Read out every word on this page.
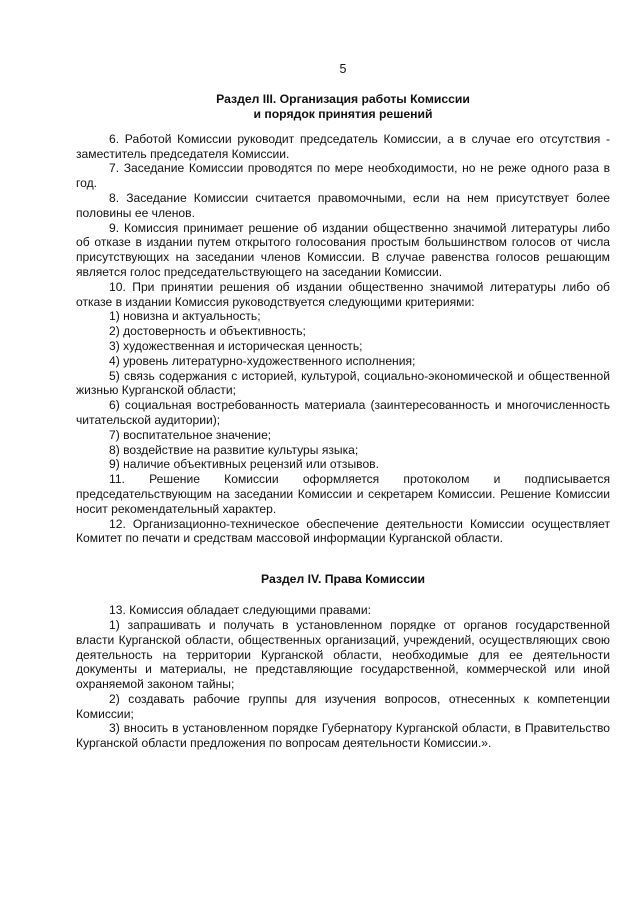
5
Раздел III. Организация работы Комиссии
и порядок принятия решений

6. Работой Комиссии руководит председатель Комиссии, а в случае его отсутствия - заместитель председателя Комиссии.

7. Заседание Комиссии проводятся по мере необходимости, но не реже одного раза в год.

8. Заседание Комиссии считается правомочными, если на нем присутствует более половины ее членов.

9. Комиссия принимает решение об издании общественно значимой литературы либо об отказе в издании путем открытого голосования простым большинством голосов от числа присутствующих на заседании членов Комиссии. В случае равенства голосов решающим является голос председательствующего на заседании Комиссии.

10. При принятии решения об издании общественно значимой литературы либо об отказе в издании Комиссия руководствуется следующими критериями:

1) новизна и актуальность;

2) достоверность и объективность;

3) художественная и историческая ценность;

4) уровень литературно-художественного исполнения;

5) связь содержания с историей, культурой, социально-экономической и общественной жизнью Курганской области;

6) социальная востребованность материала (заинтересованность и многочисленность читательской аудитории);

7) воспитательное значение;

8) воздействие на развитие культуры языка;

9) наличие объективных рецензий или отзывов.

11. Решение Комиссии оформляется протоколом и подписывается председательствующим на заседании Комиссии и секретарем Комиссии. Решение Комиссии носит рекомендательный характер.

12. Организационно-техническое обеспечение деятельности Комиссии осуществляет Комитет по печати и средствам массовой информации Курганской области.

Раздел IV. Права Комиссии

13. Комиссия обладает следующими правами:

1) запрашивать и получать в установленном порядке от органов государственной власти Курганской области, общественных организаций, учреждений, осуществляющих свою деятельность на территории Курганской области, необходимые для ее деятельности документы и материалы, не представляющие государственной, коммерческой или иной охраняемой законом тайны;

2) создавать рабочие группы для изучения вопросов, отнесенных к компетенции Комиссии;

3) вносить в установленном порядке Губернатору Курганской области, в Правительство Курганской области предложения по вопросам деятельности Комиссии.».
